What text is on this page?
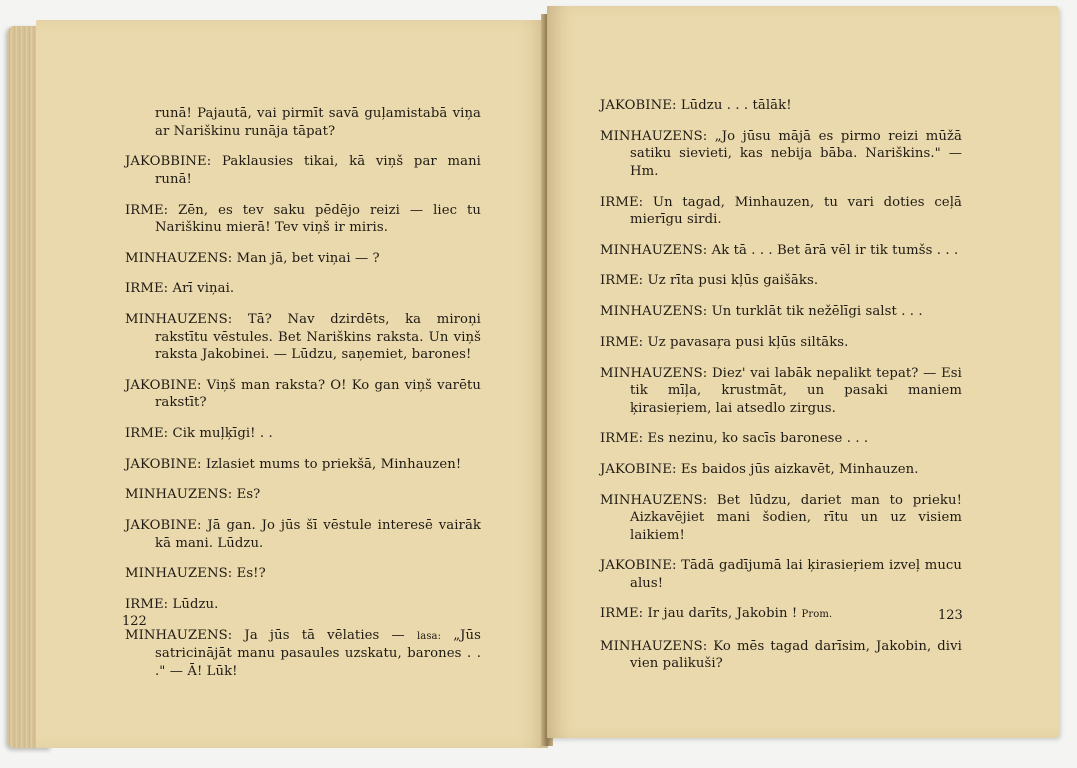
runā! Pajautā, vai pirmīt savā guļamistabā viņa ar Nariškinu runāja tāpat?

JAKOBBINE: Paklausies tikai, kā viņš par mani runā!

IRME: Zēn, es tev saku pēdējo reizi — liec tu Nariškinu mierā! Tev viņš ir miris.

MINHAUZENS: Man jā, bet viņai — ?

IRME: Arī viņai.

MINHAUZENS: Tā? Nav dzirdēts, ka miroņi rakstītu vēstules. Bet Nariškins raksta. Un viņš raksta Jakobinei. — Lūdzu, saņemiet, barones!

JAKOBINE: Viņš man raksta? O! Ko gan viņš varētu rakstīt?

IRME: Cik muļķīgi! . .

JAKOBINE: Izlasiet mums to priekšā, Minhauzen!

MINHAUZENS: Es?

JAKOBINE: Jā gan. Jo jūs šī vēstule interesē vairāk kā mani. Lūdzu.

MINHAUZENS: Es!?

IRME: Lūdzu.

MINHAUZENS: Ja jūs tā vēlaties — lasa: „Jūs satricinājāt manu pasaules uzskatu, barones . . ." — Ā! Lūk!

122

JAKOBINE: Lūdzu . . . tālāk!

MINHAUZENS: „Jo jūsu mājā es pirmo reizi mūžā satiku sievieti, kas nebija bāba. Nariškins." — Hm.

IRME: Un tagad, Minhauzen, tu vari doties ceļā mierīgu sirdi.

MINHAUZENS: Ak tā . . . Bet ārā vēl ir tik tumšs . . .

IRME: Uz rīta pusi kļūs gaišāks.

MINHAUZENS: Un turklāt tik nežēlīgi salst . . .

IRME: Uz pavasaŗa pusi kļūs siltāks.

MINHAUZENS: Diez' vai labāk nepalikt tepat? — Esi tik mīļa, krustmāt, un pasaki maniem ķirasieŗiem, lai atsedlo zirgus.

IRME: Es nezinu, ko sacīs baronese . . .

JAKOBINE: Es baidos jūs aizkavēt, Minhauzen.

MINHAUZENS: Bet lūdzu, dariet man to prieku! Aizkavējiet mani šodien, rītu un uz visiem laikiem!

JAKOBINE: Tādā gadījumā lai ķirasieŗiem izveļ mucu alus!

IRME: Ir jau darīts, Jakobin ! Prom.

MINHAUZENS: Ko mēs tagad darīsim, Jakobin, divi vien palikuši?

123
